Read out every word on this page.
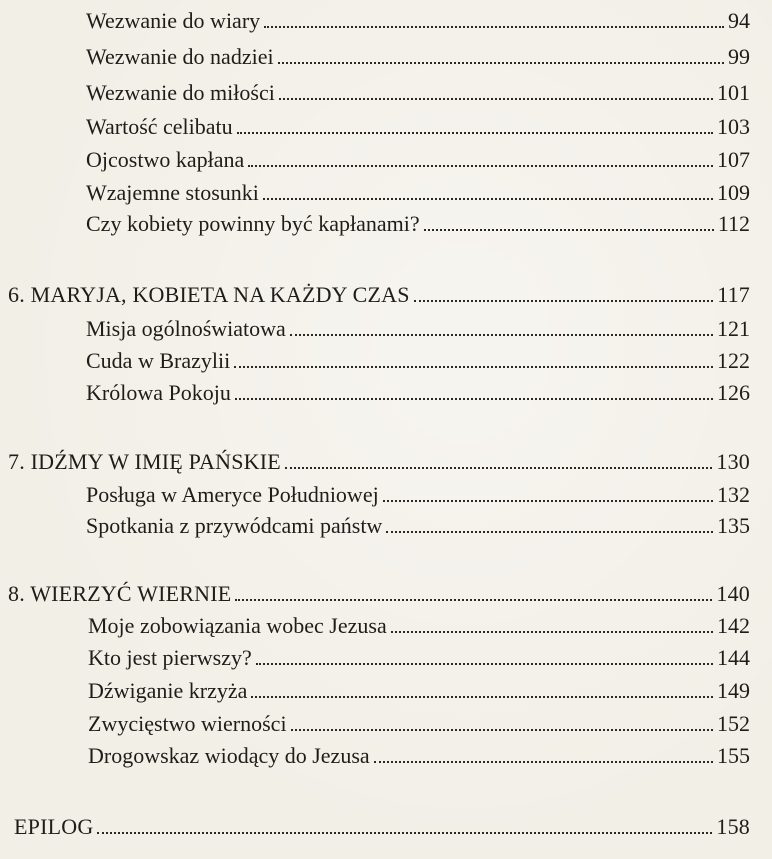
Wezwanie do wiary	94
Wezwanie do nadziei	99
Wezwanie do miłości	101
Wartość celibatu	103
Ojcostwo kapłana	107
Wzajemne stosunki	109
Czy kobiety powinny być kapłanami?	112
6. MARYJA, KOBIETA NA KAŻDY CZAS	117
Misja ogólnoświatowa	121
Cuda w Brazylii	122
Królowa Pokoju	126
7. IDŹMY W IMIĘ PAŃSKIE	130
Posługa w Ameryce Południowej	132
Spotkania z przywódcami państw	135
8. WIERZYĆ WIERNIE	140
Moje zobowiązania wobec Jezusa	142
Kto jest pierwszy?	144
Dźwiganie krzyża	149
Zwycięstwo wierności	152
Drogowskaz wiodący do Jezusa	155
EPILOG	158
